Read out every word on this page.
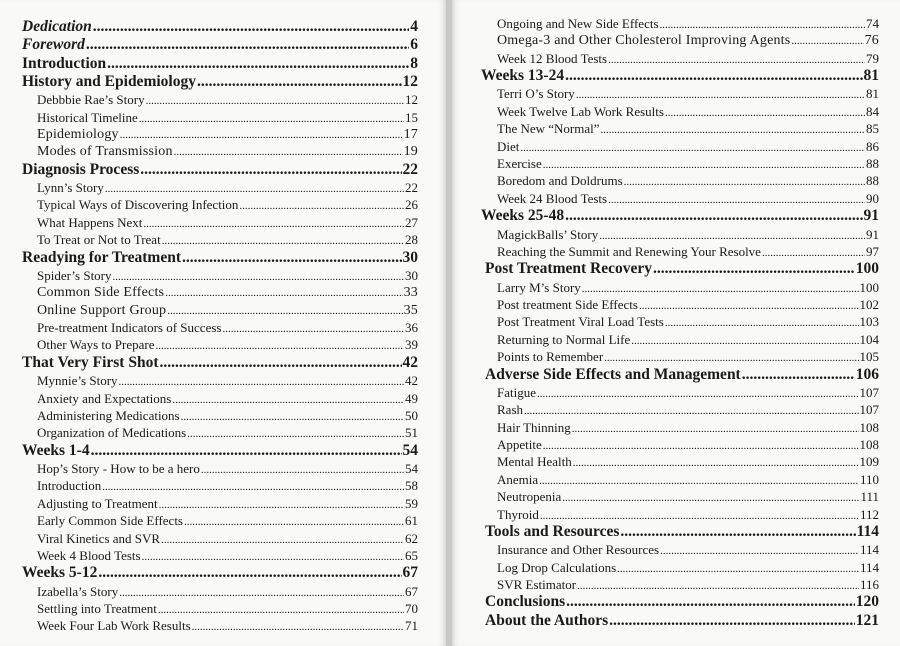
Dedication .....	4
Foreword .....	6
Introduction .....	8
History and Epidemiology .....	12
Debbbie Rae’s Story .....	12
Historical Timeline .....	15
Epidemiology .....	17
Modes of Transmission .....	19
Diagnosis Process .....	22
Lynn’s Story .....	22
Typical Ways of Discovering Infection .....	26
What Happens Next .....	27
To Treat or Not to Treat .....	28
Readying for Treatment .....	30
Spider’s Story .....	30
Common Side Effects .....	33
Online Support Group .....	35
Pre-treatment Indicators of Success .....	36
Other Ways to Prepare .....	39
That Very First Shot .....	42
Mynnie’s Story .....	42
Anxiety and Expectations .....	49
Administering Medications .....	50
Organization of Medications .....	51
Weeks 1-4 .....	54
Hop’s Story - How to be a hero .....	54
Introduction .....	58
Adjusting to Treatment .....	59
Early Common Side Effects .....	61
Viral Kinetics and SVR .....	62
Week 4 Blood Tests .....	65
Weeks 5-12 .....	67
Izabella’s Story .....	67
Settling into Treatment .....	70
Week Four Lab Work Results .....	71
Ongoing and New Side Effects .....	74
Omega-3 and Other Cholesterol Improving Agents .....	76
Week 12 Blood Tests .....	79
Weeks 13-24 .....	81
Terri O’s Story .....	81
Week Twelve Lab Work Results .....	84
The New “Normal” .....	85
Diet .....	86
Exercise .....	88
Boredom and Doldrums .....	88
Week 24 Blood Tests .....	90
Weeks 25-48 .....	91
MagickBalls’ Story .....	91
Reaching the Summit and Renewing Your Resolve .....	97
Post Treatment Recovery .....	100
Larry M’s Story .....	100
Post treatment Side Effects .....	102
Post Treatment Viral Load Tests .....	103
Returning to Normal Life .....	104
Points to Remember .....	105
Adverse Side Effects and Management .....	106
Fatigue .....	107
Rash .....	107
Hair Thinning .....	108
Appetite .....	108
Mental Health .....	109
Anemia .....	110
Neutropenia .....	111
Thyroid .....	112
Tools and Resources .....	114
Insurance and Other Resources .....	114
Log Drop Calculations .....	114
SVR Estimator .....	116
Conclusions .....	120
About the Authors .....	121
